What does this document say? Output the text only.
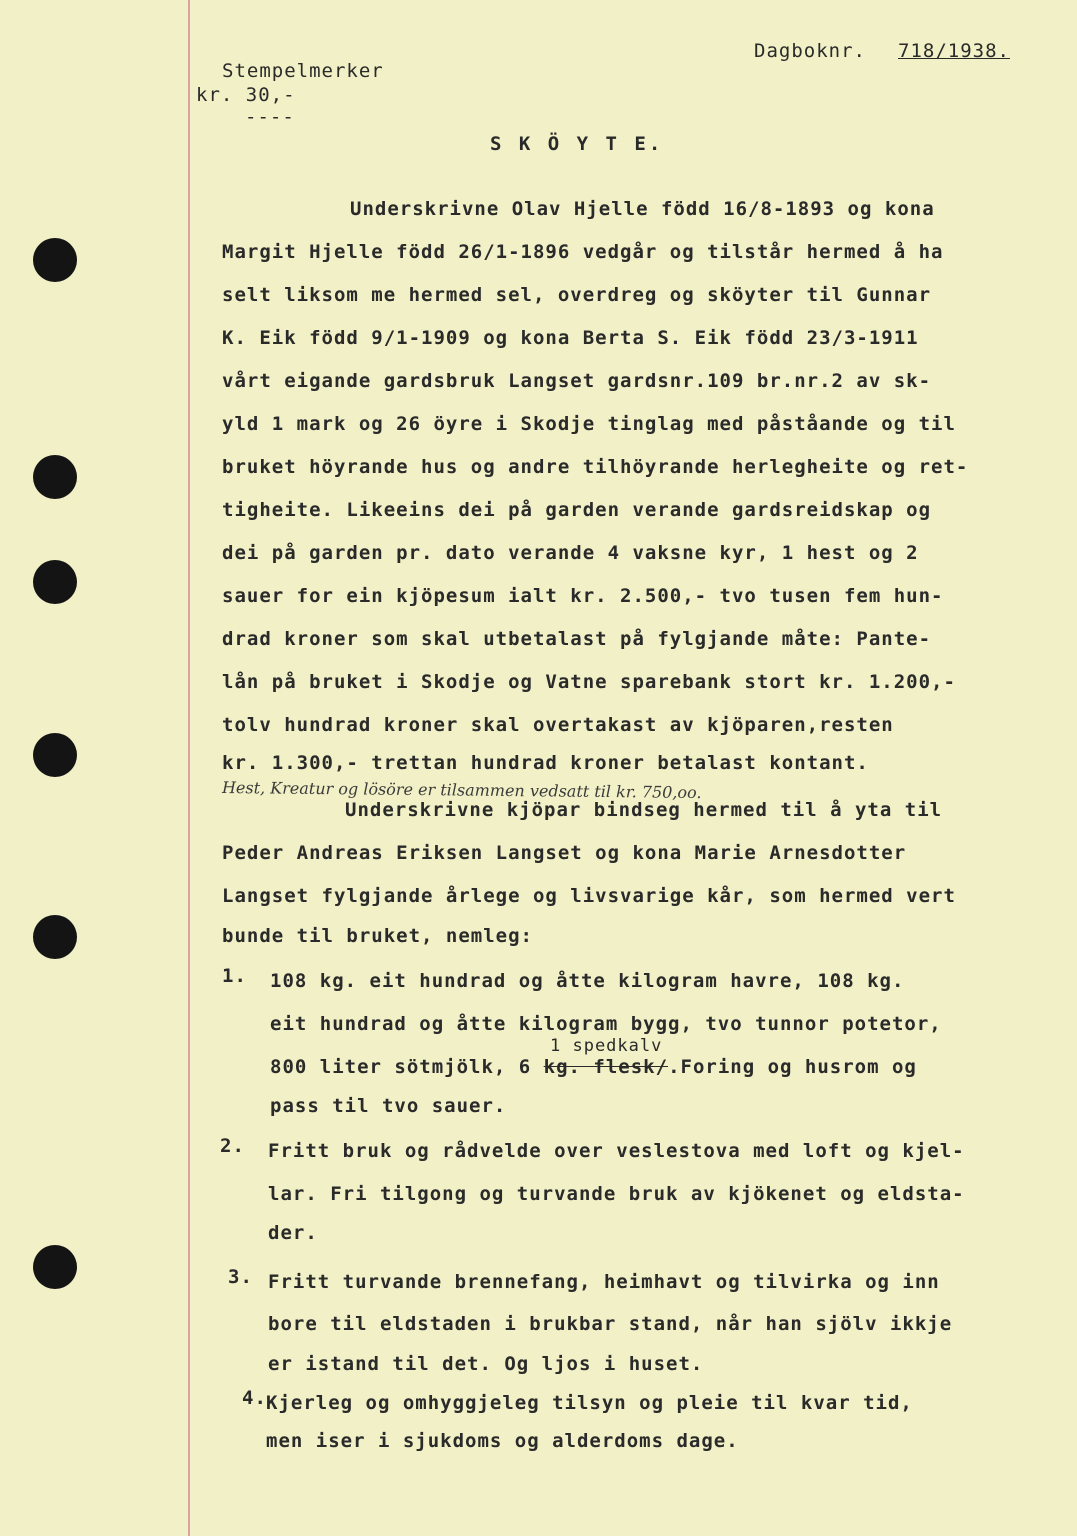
Stempelmerker
kr. 30,-
----
Dagboknr. 718/1938.
S K Ö Y T E.
Underskrivne Olav Hjelle född 16/8-1893 og kona
Margit Hjelle född 26/1-1896 vedgår og tilstår hermed å ha
selt liksom me hermed sel, overdreg og sköyter til Gunnar
K. Eik född 9/1-1909 og kona Berta S. Eik född 23/3-1911
vårt eigande gardsbruk Langset gardsnr.109 br.nr.2 av sk-
yld 1 mark og 26 öyre i Skodje tinglag med påståande og til
bruket höyrande hus og andre tilhöyrande herlegheite og ret-
tigheite. Likeeins dei på garden verande gardsreidskap og
dei på garden pr. dato verande 4 vaksne kyr, 1 hest og 2
sauer for ein kjöpesum ialt kr. 2.500,- tvo tusen fem hun-
drad kroner som skal utbetalast på fylgjande måte: Pante-
lån på bruket i Skodje og Vatne sparebank stort kr. 1.200,-
tolv hundrad kroner skal overtakast av kjöparen,resten
kr. 1.300,- trettan hundrad kroner betalast kontant.
Hest, Kreatur og lösöre er tilsammen vedsatt til kr. 750,oo.
Underskrivne kjöpar bindseg hermed til å yta til
Peder Andreas Eriksen Langset og kona Marie Arnesdotter
Langset fylgjande årlege og livsvarige kår, som hermed vert
bunde til bruket, nemleg:
1. 108 kg. eit hundrad og åtte kilogram havre, 108 kg.
eit hundrad og åtte kilogram bygg, tvo tunnor potetor,
1 spedkalv
800 liter sötmjölk, 6 kg. flesk/.Foring og husrom og
pass til tvo sauer.
2. Fritt bruk og rådvelde over veslestova med loft og kjel-
lar. Fri tilgong og turvande bruk av kjökenet og eldsta-
der.
3. Fritt turvande brennefang, heimhavt og tilvirka og inn
bore til eldstaden i brukbar stand, når han sjölv ikkje
er istand til det. Og ljos i huset.
4. Kjerleg og omhyggjeleg tilsyn og pleie til kvar tid,
men iser i sjukdoms og alderdoms dage.
